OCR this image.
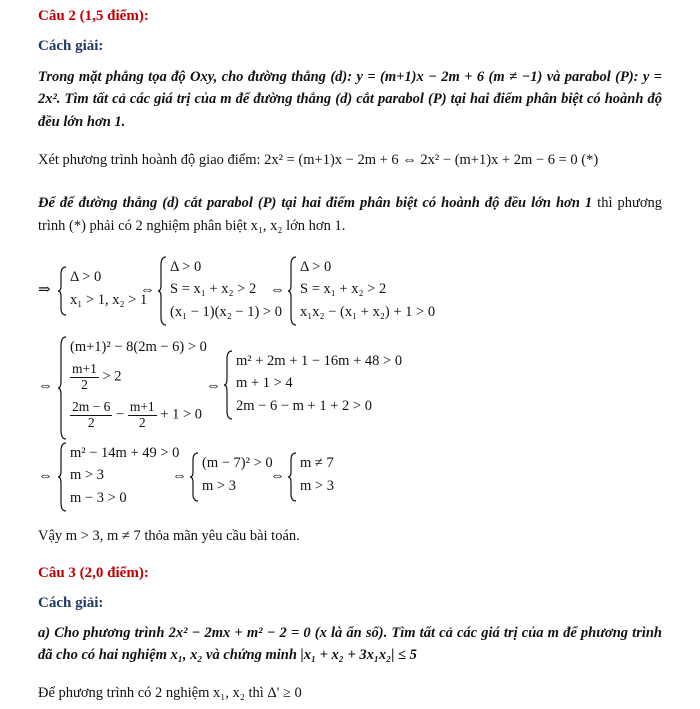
Câu 2 (1,5 điểm):
Cách giải:
Trong mặt phẳng tọa độ Oxy, cho đường thẳng (d): y = (m+1)x − 2m + 6 (m ≠ −1) và parabol (P): y = 2x². Tìm tất cả các giá trị của m để đường thẳng (d) cắt parabol (P) tại hai điểm phân biệt có hoành độ đều lớn hơn 1.
Xét phương trình hoành độ giao điểm: 2x² = (m+1)x − 2m + 6 ⇔ 2x² − (m+1)x + 2m − 6 = 0 (*)
Để để đường thẳng (d) cắt parabol (P) tại hai điểm phân biệt có hoành độ đều lớn hơn 1 thì phương trình (*) phải có 2 nghiệm phân biệt x₁, x₂ lớn hơn 1.
⇒
Δ > 0
x₁ > 1, x₂ > 1
⇔
Δ > 0
S = x₁ + x₂ > 2
(x₁ − 1)(x₂ − 1) > 0
⇔
Δ > 0
S = x₁ + x₂ > 2
x₁x₂ − (x₁ + x₂) + 1 > 0
⇔
(m+1)² − 8(2m − 6) > 0
$\frac{m+1}{2} > 2$
$\frac{2m - 6}{2} - \frac{m+1}{2} + 1 > 0$
⇔
m² + 2m + 1 − 16m + 48 > 0
m + 1 > 4
2m − 6 − m + 1 + 2 > 0
⇔
m² − 14m + 49 > 0
m > 3
m − 3 > 0
⇔
(m − 7)² > 0
m > 3
⇔
m ≠ 7
m > 3
Vậy m > 3, m ≠ 7 thỏa mãn yêu cầu bài toán.
Câu 3 (2,0 điểm):
Cách giải:
a) Cho phương trình 2x² − 2mx + m² − 2 = 0 (x là ẩn số). Tìm tất cả các giá trị của m để phương trình đã cho có hai nghiệm x₁, x₂ và chứng minh |x₁ + x₂ + 3x₁x₂| ≤ 5
Để phương trình có 2 nghiệm x₁, x₂ thì Δ' ≥ 0
